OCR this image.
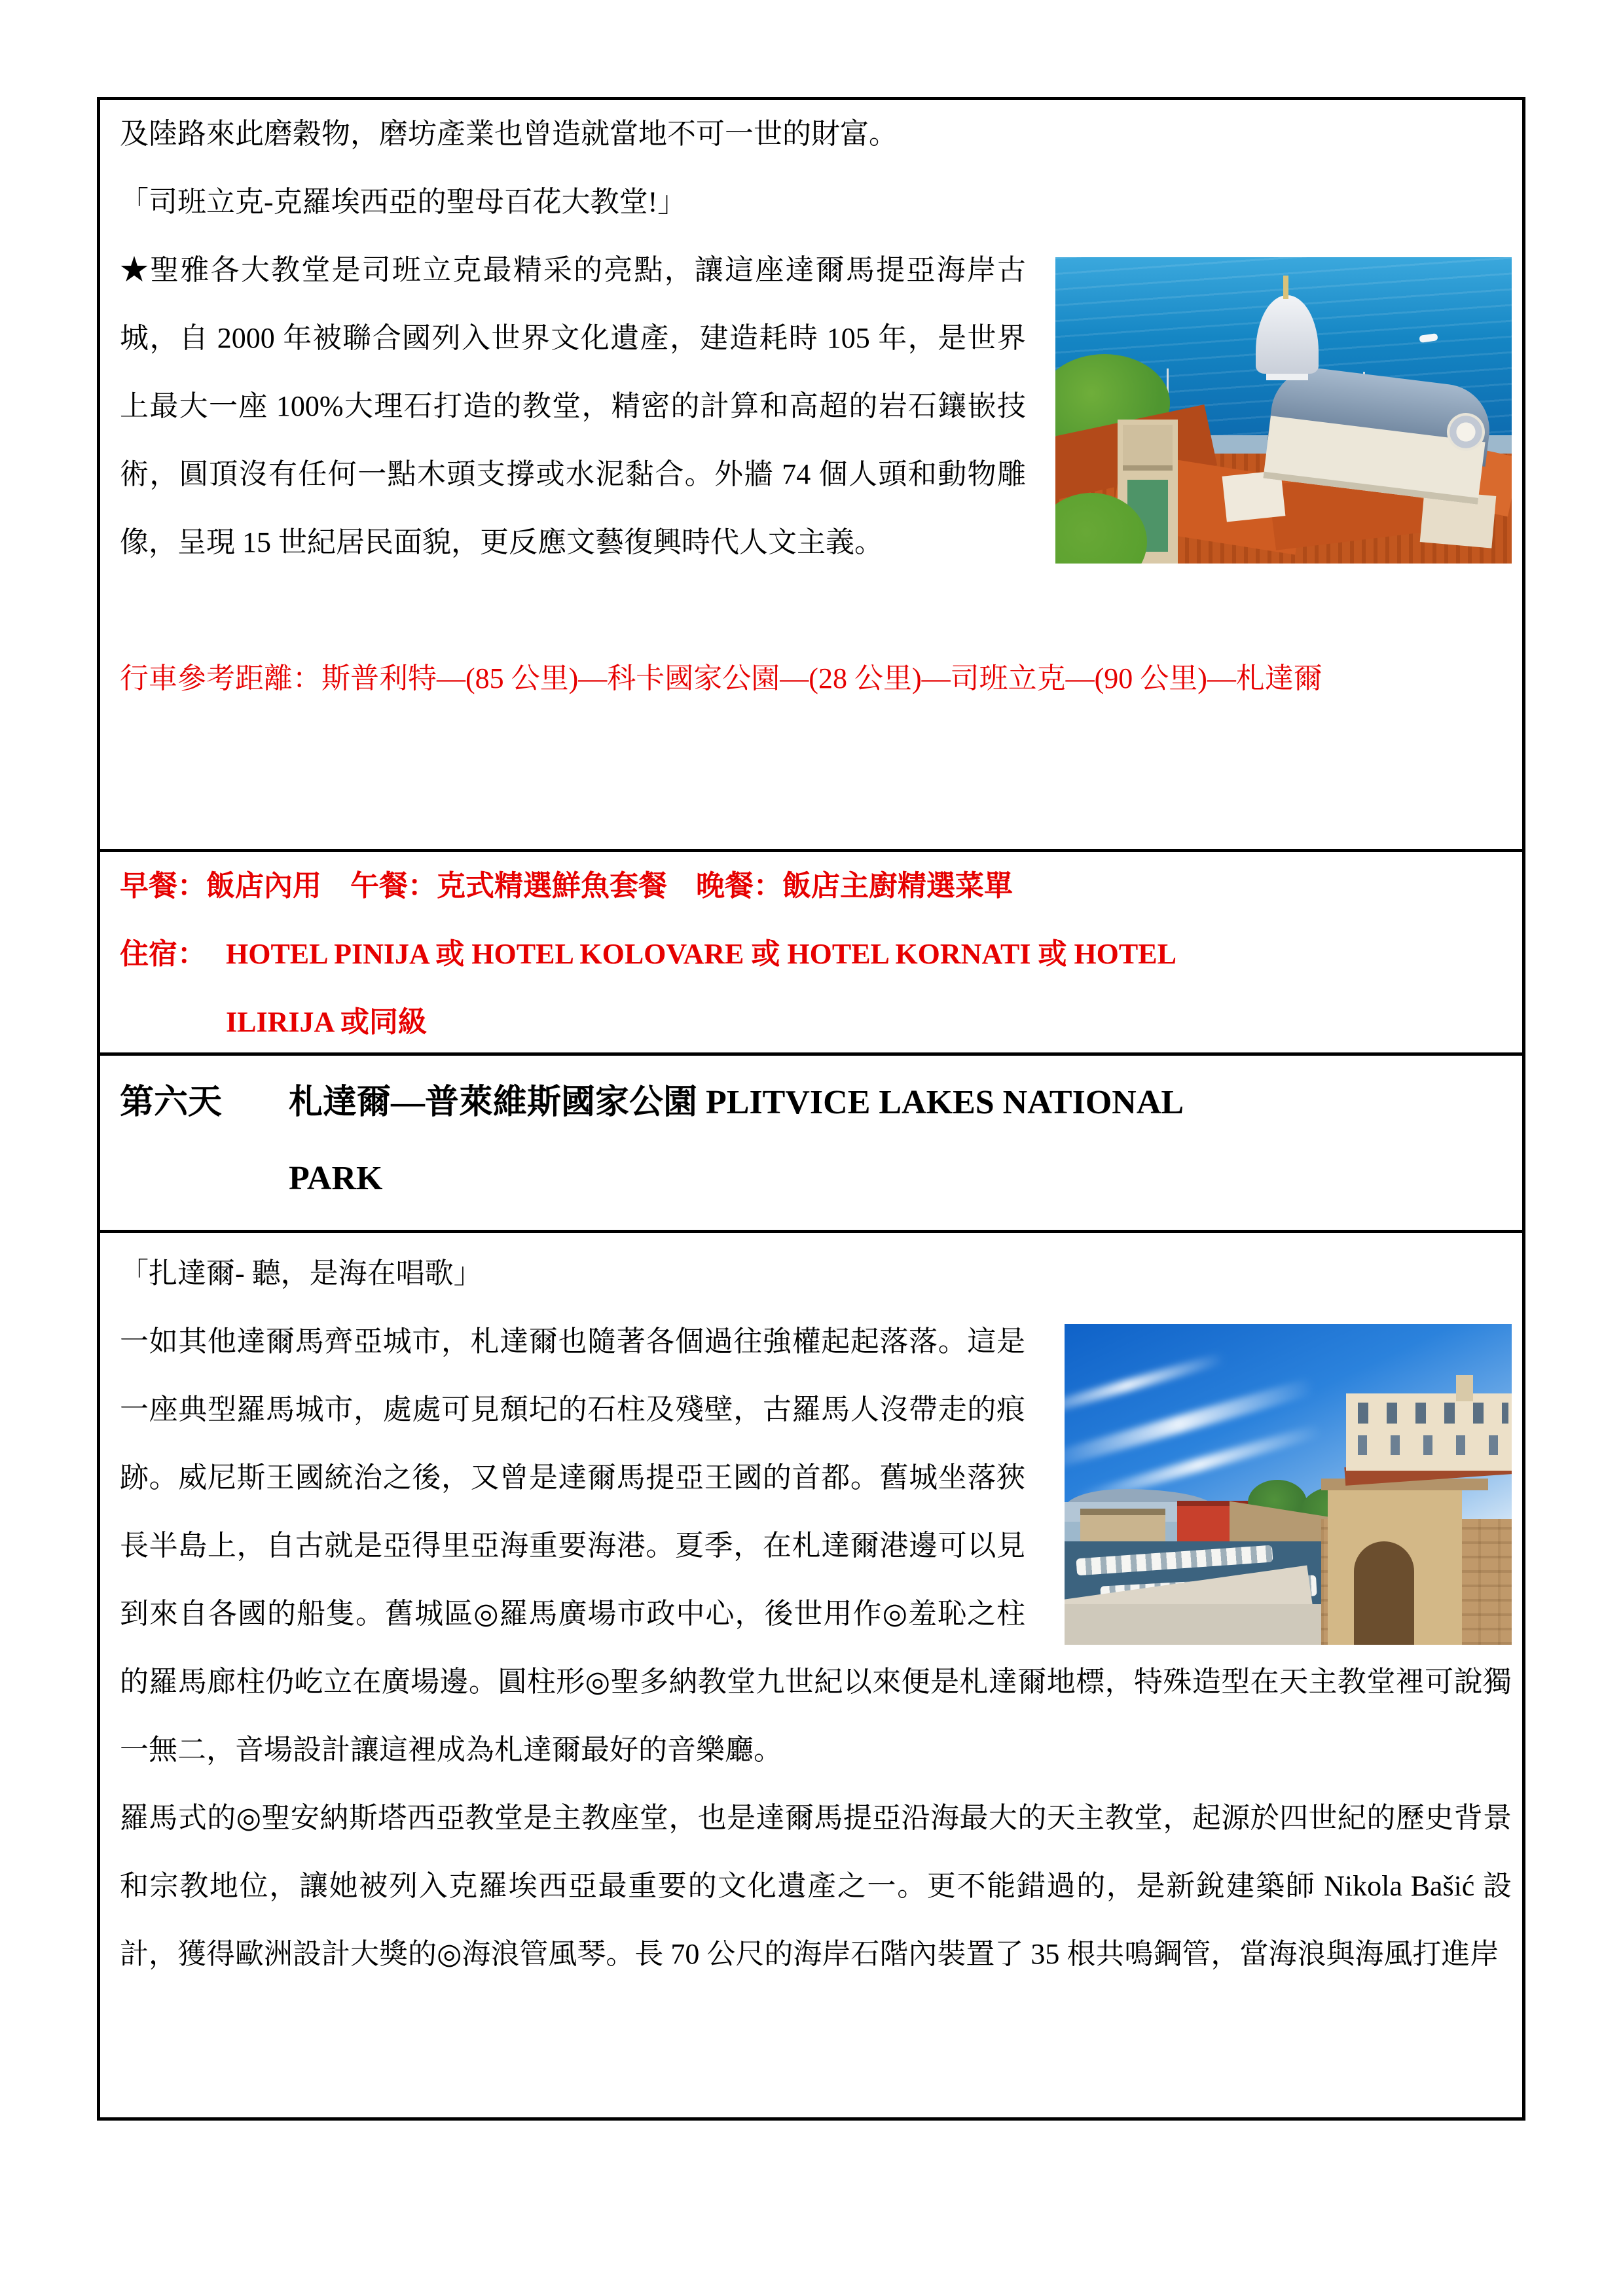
及陸路來此磨穀物，磨坊產業也曾造就當地不可一世的財富。

「司班立克-克羅埃西亞的聖母百花大教堂!」

★聖雅各大教堂是司班立克最精采的亮點，讓這座達爾馬提亞海岸古城，自 2000 年被聯合國列入世界文化遺產，建造耗時 105 年，是世界上最大一座 100%大理石打造的教堂，精密的計算和高超的岩石鑲嵌技術，圓頂沒有任何一點木頭支撐或水泥黏合。外牆 74 個人頭和動物雕像，呈現 15 世紀居民面貌，更反應文藝復興時代人文主義。

行車參考距離：斯普利特—(85 公里)—科卡國家公園—(28 公里)—司班立克—(90 公里)—札達爾

早餐：飯店內用　午餐：克式精選鮮魚套餐　晚餐：飯店主廚精選菜單

住宿： HOTEL PINIJA 或 HOTEL KOLOVARE 或 HOTEL KORNATI 或 HOTEL
ILIRIJA 或同級
第六天	札達爾—普萊維斯國家公園 PLITVICE LAKES NATIONAL
PARK

「扎達爾- 聽，是海在唱歌」

一如其他達爾馬齊亞城市，札達爾也隨著各個過往強權起起落落。這是一座典型羅馬城市，處處可見頹圮的石柱及殘壁，古羅馬人沒帶走的痕跡。威尼斯王國統治之後，又曾是達爾馬提亞王國的首都。舊城坐落狹長半島上，自古就是亞得里亞海重要海港。夏季，在札達爾港邊可以見到來自各國的船隻。舊城區◎羅馬廣場市政中心，後世用作◎羞恥之柱的羅馬廊柱仍屹立在廣場邊。圓柱形◎聖多納教堂九世紀以來便是札達爾地標，特殊造型在天主教堂裡可說獨一無二，音場設計讓這裡成為札達爾最好的音樂廳。

羅馬式的◎聖安納斯塔西亞教堂是主教座堂，也是達爾馬提亞沿海最大的天主教堂，起源於四世紀的歷史背景和宗教地位，讓她被列入克羅埃西亞最重要的文化遺產之一。更不能錯過的，是新銳建築師 Nikola Bašić 設計，獲得歐洲設計大獎的◎海浪管風琴。長 70 公尺的海岸石階內裝置了 35 根共鳴鋼管，當海浪與海風打進岸
